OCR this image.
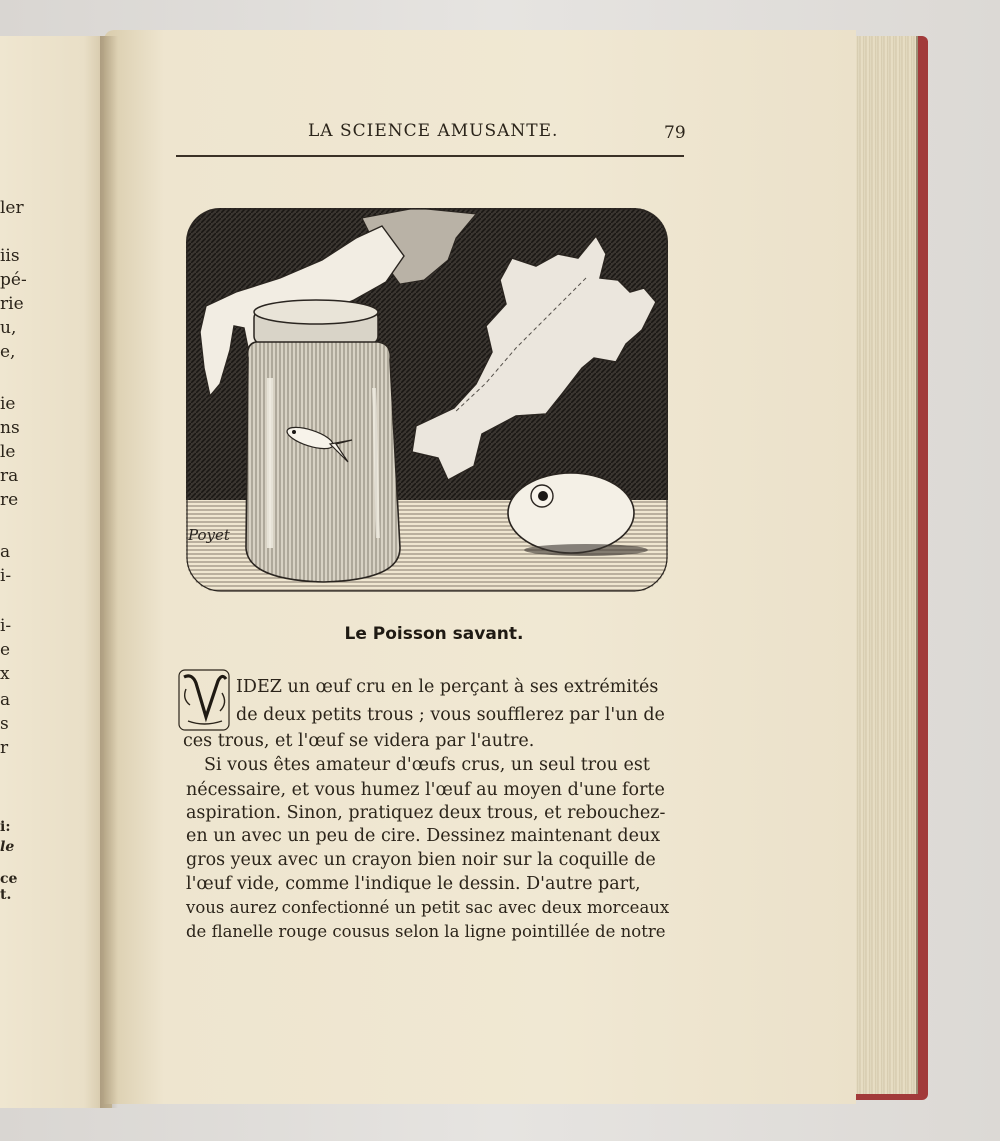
ler
iis
pé-
rie
u,
e,
ie
ns
le
ra
re
a
i-
i-
e
x
a
s
r
i:
le
ce
t.
LA SCIENCE AMUSANTE.	79
Poyet
Le Poisson savant.
IDEZ un œuf cru en le perçant à ses extrémités
de deux petits trous ; vous soufflerez par l'un de
ces trous, et l'œuf se videra par l'autre.
Si vous êtes amateur d'œufs crus, un seul trou est
nécessaire, et vous humez l'œuf au moyen d'une forte
aspiration. Sinon, pratiquez deux trous, et rebouchez-
en un avec un peu de cire. Dessinez maintenant deux
gros yeux avec un crayon bien noir sur la coquille de
l'œuf vide, comme l'indique le dessin. D'autre part,
vous aurez confectionné un petit sac avec deux morceaux
de flanelle rouge cousus selon la ligne pointillée de notre
